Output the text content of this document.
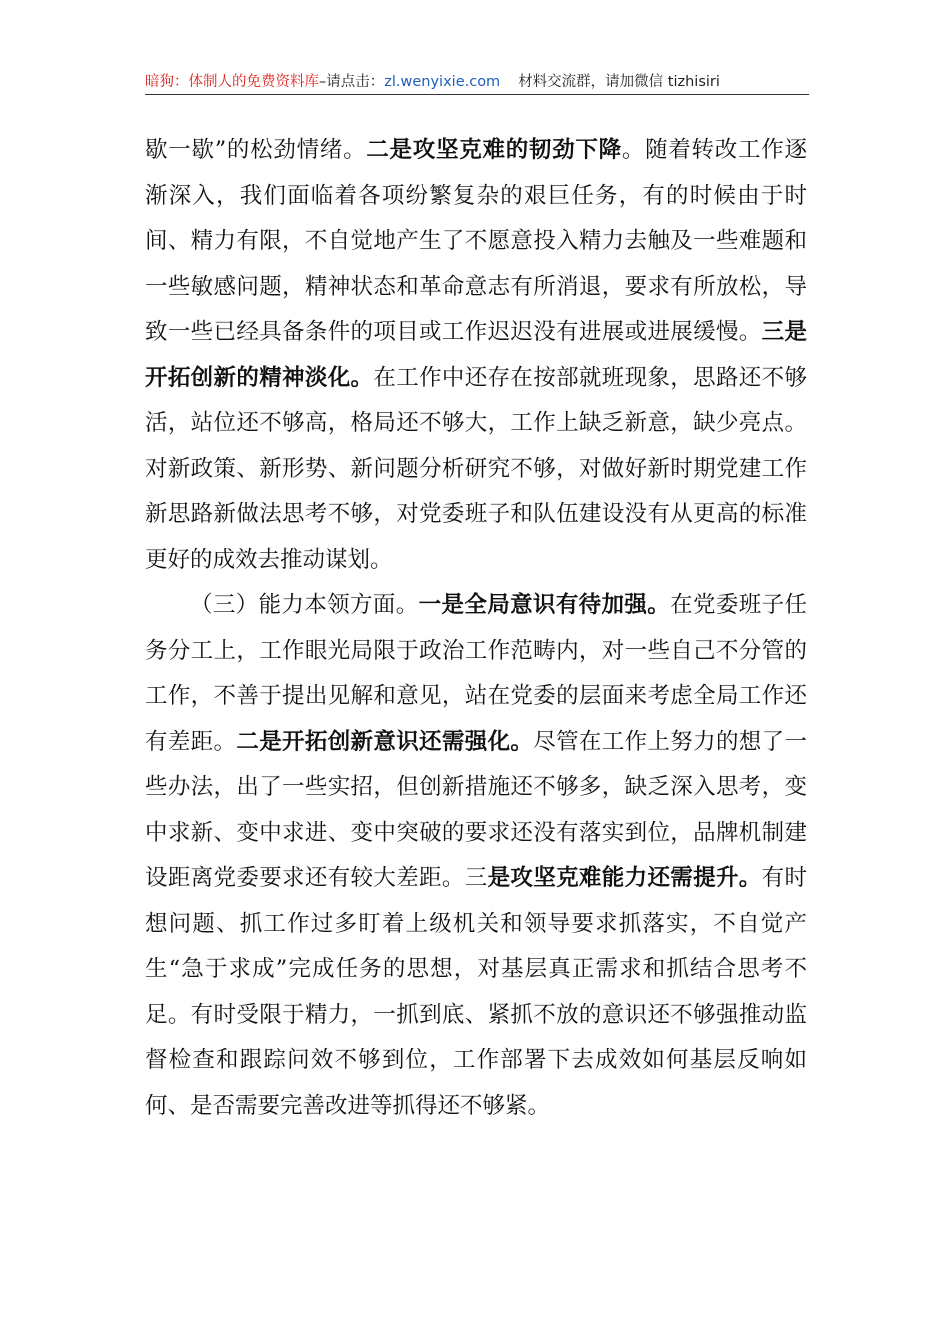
暗狗：体制人的免费资料库–请点击：zl.wenyixie.com 材料交流群，请加微信 tizhisiri

歇一歇”的松劲情绪。二是攻坚克难的韧劲下降。随着转改工作逐渐深入，我们面临着各项纷繁复杂的艰巨任务，有的时候由于时间、精力有限，不自觉地产生了不愿意投入精力去触及一些难题和一些敏感问题，精神状态和革命意志有所消退，要求有所放松，导致一些已经具备条件的项目或工作迟迟没有进展或进展缓慢。三是开拓创新的精神淡化。在工作中还存在按部就班现象，思路还不够活，站位还不够高，格局还不够大，工作上缺乏新意，缺少亮点。对新政策、新形势、新问题分析研究不够，对做好新时期党建工作新思路新做法思考不够，对党委班子和队伍建设没有从更高的标准更好的成效去推动谋划。

（三）能力本领方面。一是全局意识有待加强。在党委班子任务分工上，工作眼光局限于政治工作范畴内，对一些自己不分管的工作，不善于提出见解和意见，站在党委的层面来考虑全局工作还有差距。二是开拓创新意识还需强化。尽管在工作上努力的想了一些办法，出了一些实招，但创新措施还不够多，缺乏深入思考，变中求新、变中求进、变中突破的要求还没有落实到位，品牌机制建设距离党委要求还有较大差距。三是攻坚克难能力还需提升。有时想问题、抓工作过多盯着上级机关和领导要求抓落实，不自觉产生“急于求成”完成任务的思想，对基层真正需求和抓结合思考不足。有时受限于精力，一抓到底、紧抓不放的意识还不够强推动监督检查和跟踪问效不够到位，工作部署下去成效如何基层反响如何、是否需要完善改进等抓得还不够紧。
